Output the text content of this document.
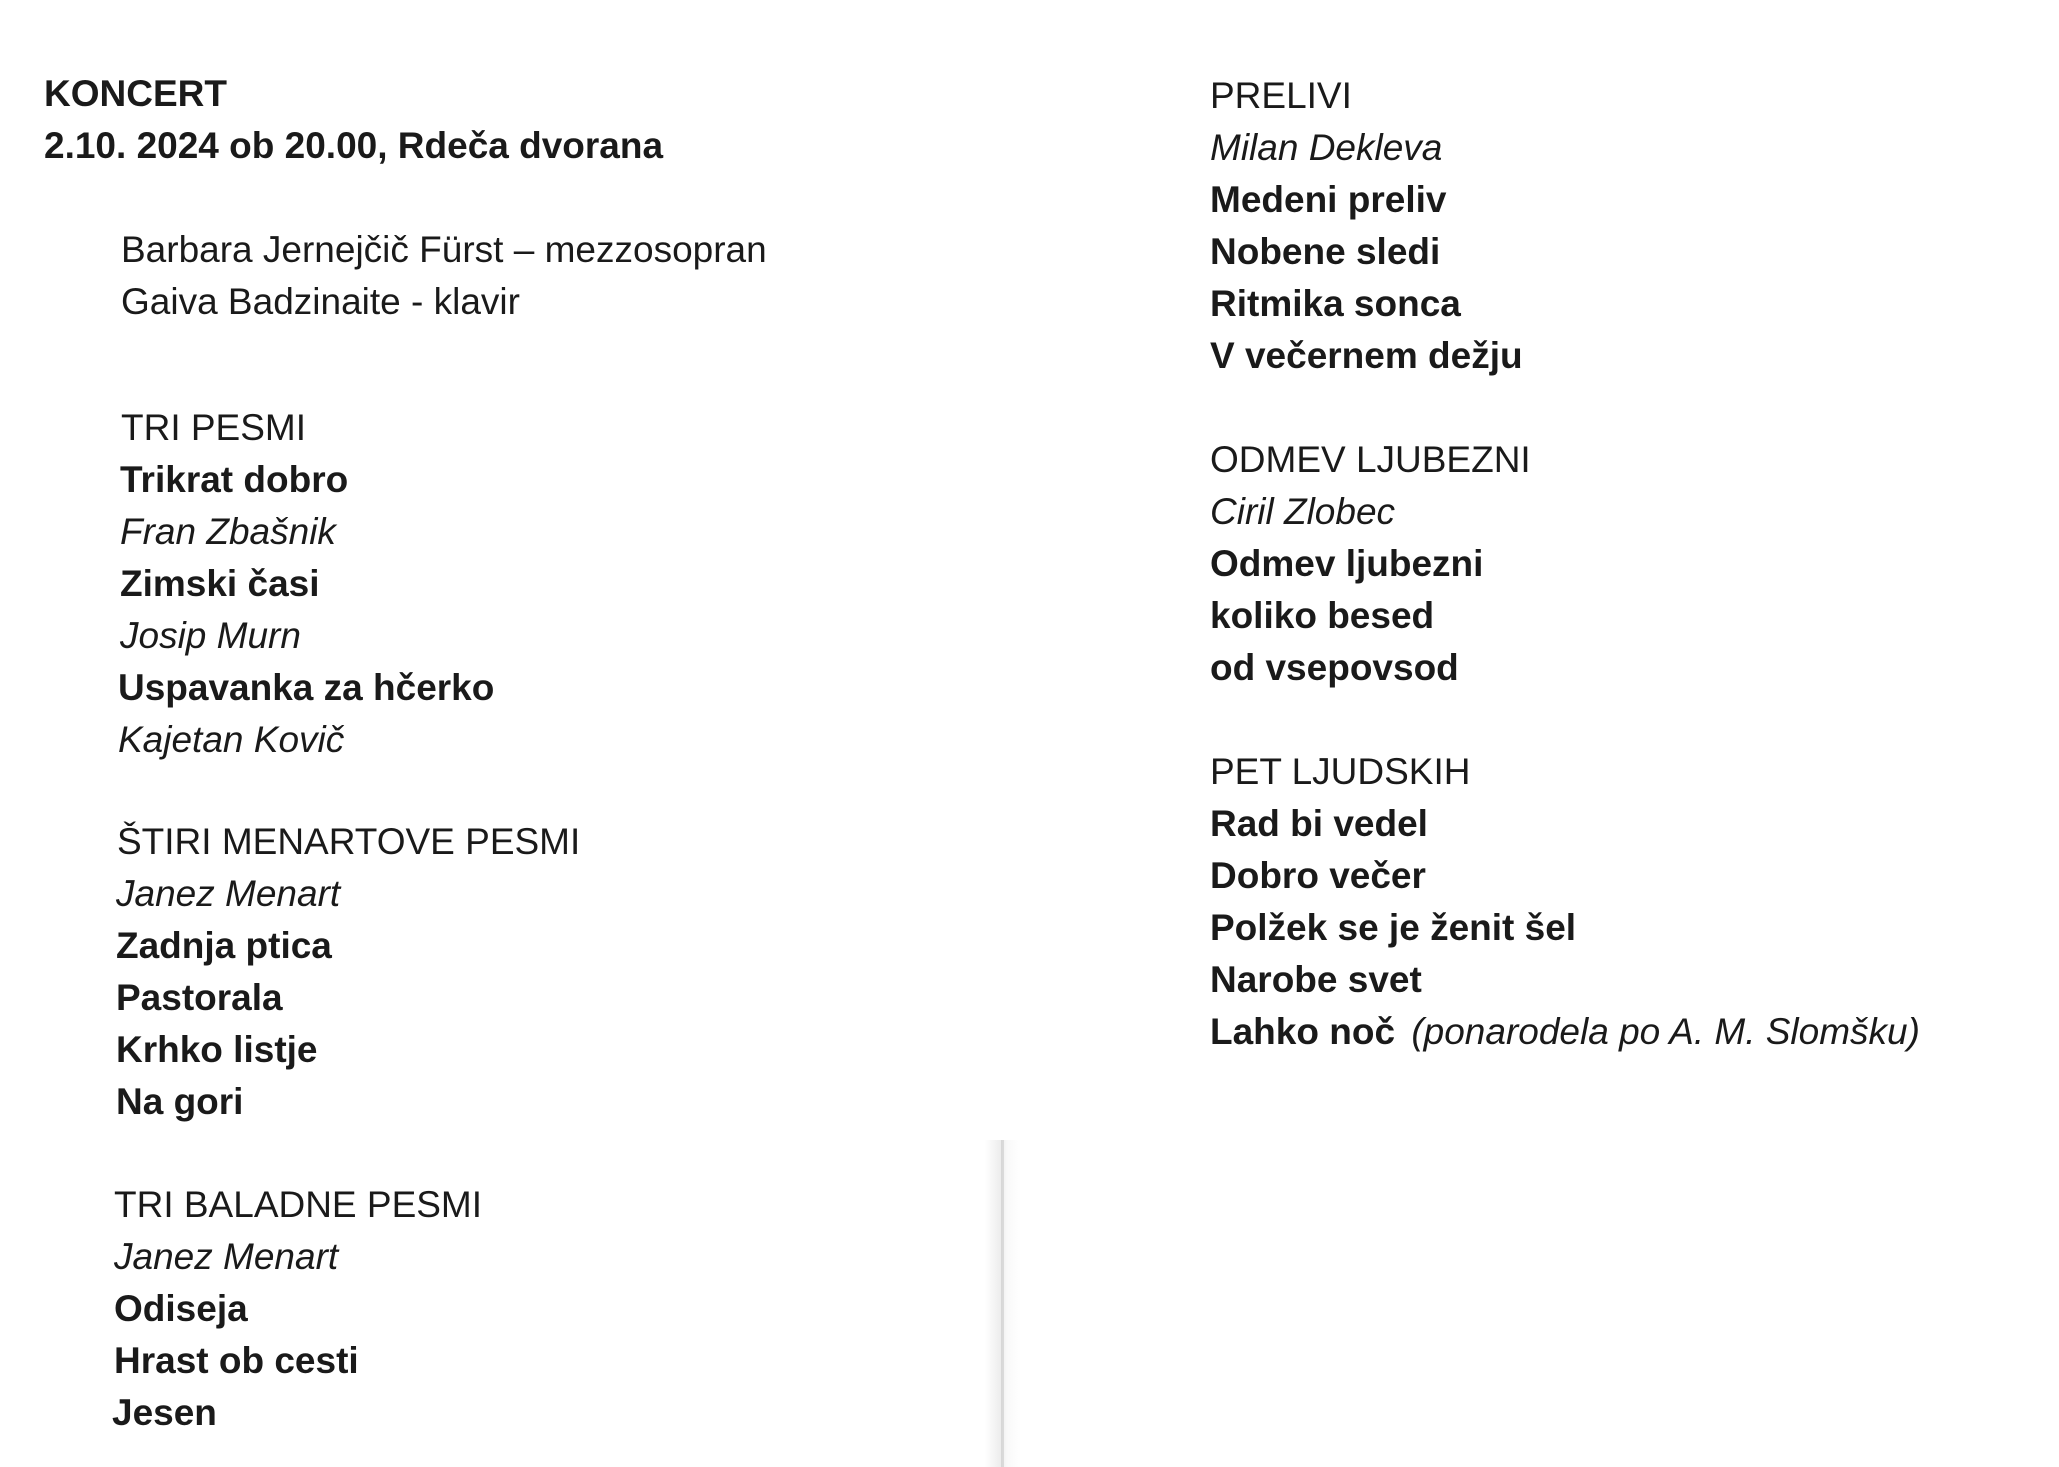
KONCERT
2.10. 2024 ob 20.00, Rdeča dvorana
Barbara Jernejčič Fürst – mezzosopran
Gaiva Badzinaite - klavir
TRI PESMI
Trikrat dobro
Fran Zbašnik
Zimski časi
Josip Murn
Uspavanka za hčerko
Kajetan Kovič
ŠTIRI MENARTOVE PESMI
Janez Menart
Zadnja ptica
Pastorala
Krhko listje
Na gori
TRI BALADNE PESMI
Janez Menart
Odiseja
Hrast ob cesti
Jesen
PRELIVI
Milan Dekleva
Medeni preliv
Nobene sledi
Ritmika sonca
V večernem dežju
ODMEV LJUBEZNI
Ciril Zlobec
Odmev ljubezni
koliko besed
od vsepovsod
PET LJUDSKIH
Rad bi vedel
Dobro večer
Polžek se je ženit šel
Narobe svet
Lahko noč (ponarodela po A. M. Slomšku)
